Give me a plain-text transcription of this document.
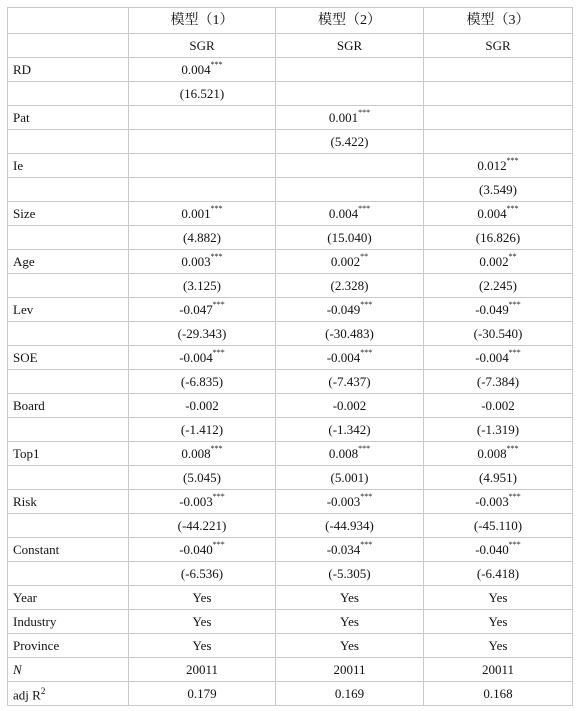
	模型（1）	模型（2）	模型（3）
	SGR	SGR	SGR
RD	0.004***		
	(16.521)		
Pat		0.001***	
		(5.422)	
Ie			0.012***
			(3.549)
Size	0.001***	0.004***	0.004***
	(4.882)	(15.040)	(16.826)
Age	0.003***	0.002**	0.002**
	(3.125)	(2.328)	(2.245)
Lev	-0.047***	-0.049***	-0.049***
	(-29.343)	(-30.483)	(-30.540)
SOE	-0.004***	-0.004***	-0.004***
	(-6.835)	(-7.437)	(-7.384)
Board	-0.002	-0.002	-0.002
	(-1.412)	(-1.342)	(-1.319)
Top1	0.008***	0.008***	0.008***
	(5.045)	(5.001)	(4.951)
Risk	-0.003***	-0.003***	-0.003***
	(-44.221)	(-44.934)	(-45.110)
Constant	-0.040***	-0.034***	-0.040***
	(-6.536)	(-5.305)	(-6.418)
Year	Yes	Yes	Yes
Industry	Yes	Yes	Yes
Province	Yes	Yes	Yes
N	20011	20011	20011
adj $R^2$	0.179	0.169	0.168
